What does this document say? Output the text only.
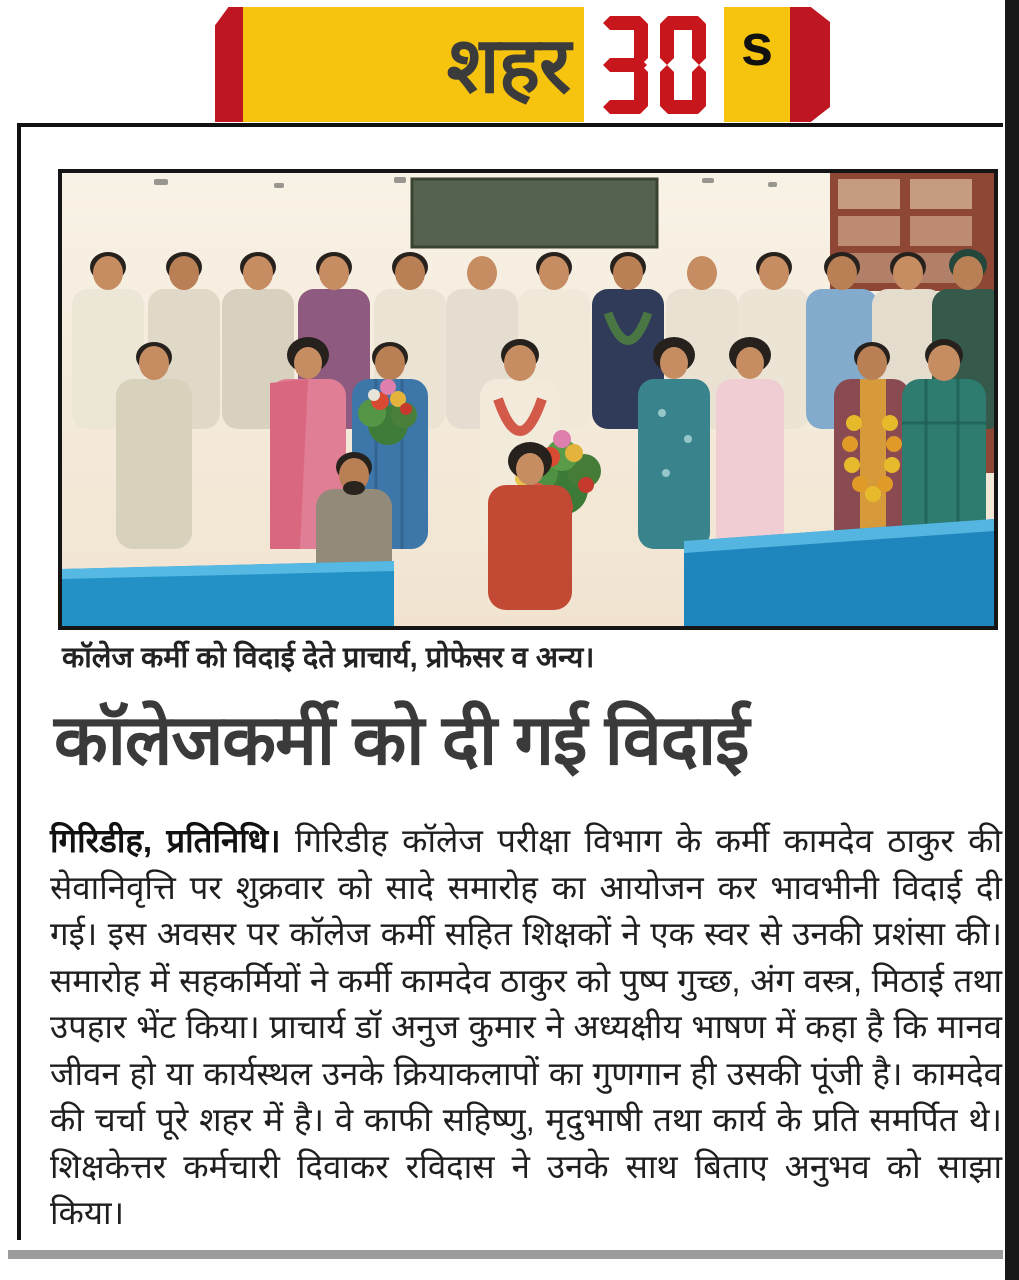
शहर	s
कॉलेज कर्मी को विदाई देते प्राचार्य, प्रोफेसर व अन्य।
कॉलेजकर्मी को दी गई विदाई

गिरिडीह, प्रतिनिधि। गिरिडीह कॉलेज परीक्षा विभाग के कर्मी कामदेव ठाकुर की सेवानिवृत्ति पर शुक्रवार को सादे समारोह का आयोजन कर भावभीनी विदाई दी गई। इस अवसर पर कॉलेज कर्मी सहित शिक्षकों ने एक स्वर से उनकी प्रशंसा की। समारोह में सहकर्मियों ने कर्मी कामदेव ठाकुर को पुष्प गुच्छ, अंग वस्त्र, मिठाई तथा उपहार भेंट किया। प्राचार्य डॉ अनुज कुमार ने अध्यक्षीय भाषण में कहा है कि मानव जीवन हो या कार्यस्थल उनके क्रियाकलापों का गुणगान ही उसकी पूंजी है। कामदेव की चर्चा पूरे शहर में है। वे काफी सहिष्णु, मृदुभाषी तथा कार्य के प्रति समर्पित थे। शिक्षकेत्तर कर्मचारी दिवाकर रविदास ने उनके साथ बिताए अनुभव को साझा किया।
